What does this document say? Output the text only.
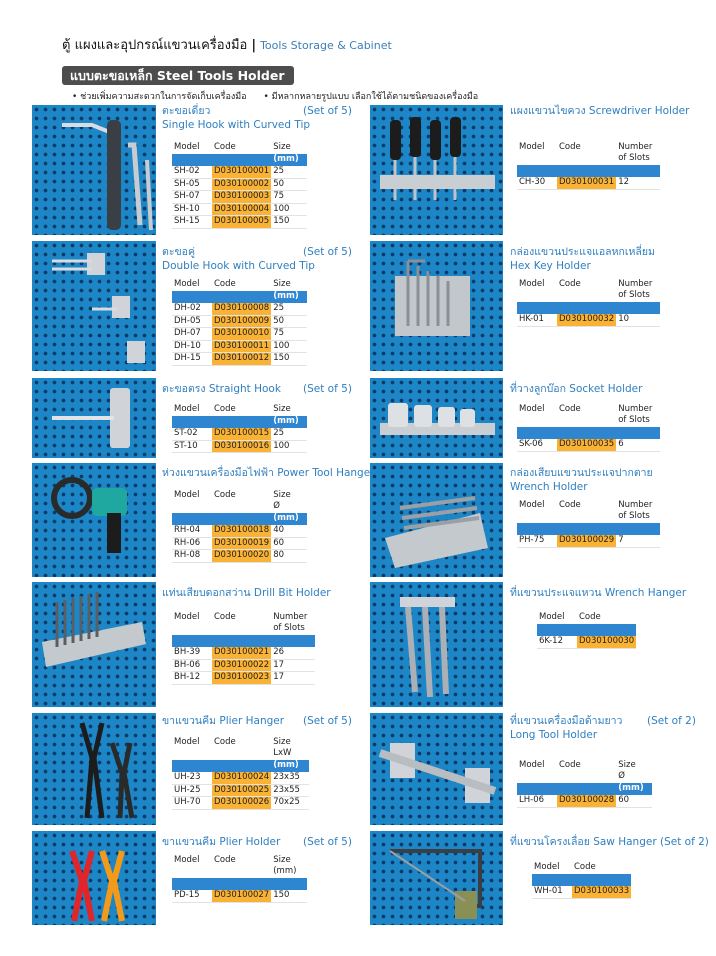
ตู้ แผงและอุปกรณ์แขวนเครื่องมือ | Tools Storage & Cabinet
แบบตะขอเหล็ก Steel Tools Holder
• ช่วยเพิ่มความสะดวกในการจัดเก็บเครื่องมือ • มีหลากหลายรูปแบบ เลือกใช้ได้ตามชนิดของเครื่องมือ
ตะขอเดี่ยว
Single Hook with Curved Tip
(Set of 5)
Model	Code	Size
		(mm)
SH-02	D030100001	25
SH-05	D030100002	50
SH-07	D030100003	75
SH-10	D030100004	100
SH-15	D030100005	150
แผงแขวนไขควง Screwdriver Holder
Model	Code	Number
of Slots

CH-30	D030100031	12
ตะขอคู่
Double Hook with Curved Tip
(Set of 5)
Model	Code	Size
		(mm)
DH-02	D030100008	25
DH-05	D030100009	50
DH-07	D030100010	75
DH-10	D030100011	100
DH-15	D030100012	150
กล่องแขวนประแจแอลหกเหลี่ยม
Hex Key Holder
Model	Code	Number
of Slots

HK-01	D030100032	10
ตะขอตรง Straight Hook	(Set of 5)
Model	Code	Size
		(mm)
ST-02	D030100015	25
ST-10	D030100016	100
ที่วางลูกบ๊อก Socket Holder
Model	Code	Number
of Slots

SK-06	D030100035	6
ห่วงแขวนเครื่องมือไฟฟ้า Power Tool Hanger
Model	Code	Size
Ø
		(mm)
RH-04	D030100018	40
RH-06	D030100019	60
RH-08	D030100020	80
กล่องเสียบแขวนประแจปากตาย
Wrench Holder
Model	Code	Number
of Slots

PH-75	D030100029	7
แท่นเสียบดอกสว่าน Drill Bit Holder
Model	Code	Number
of Slots

BH-39	D030100021	26
BH-06	D030100022	17
BH-12	D030100023	17
ที่แขวนประแจแหวน Wrench Hanger
Model	Code

6K-12	D030100030
ขาแขวนคีม Plier Hanger	(Set of 5)
Model	Code	Size
LxW
		(mm)
UH-23	D030100024	23x35
UH-25	D030100025	23x55
UH-70	D030100026	70x25
ที่แขวนเครื่องมือด้ามยาว
Long Tool Holder
(Set of 2)
Model	Code	Size
Ø
		(mm)
LH-06	D030100028	60
ขาแขวนคีม Plier Holder	(Set of 5)
Model	Code	Size
(mm)

PD-15	D030100027	150
ที่แขวนโครงเลื่อย Saw Hanger (Set of 2)
Model	Code

WH-01	D030100033
